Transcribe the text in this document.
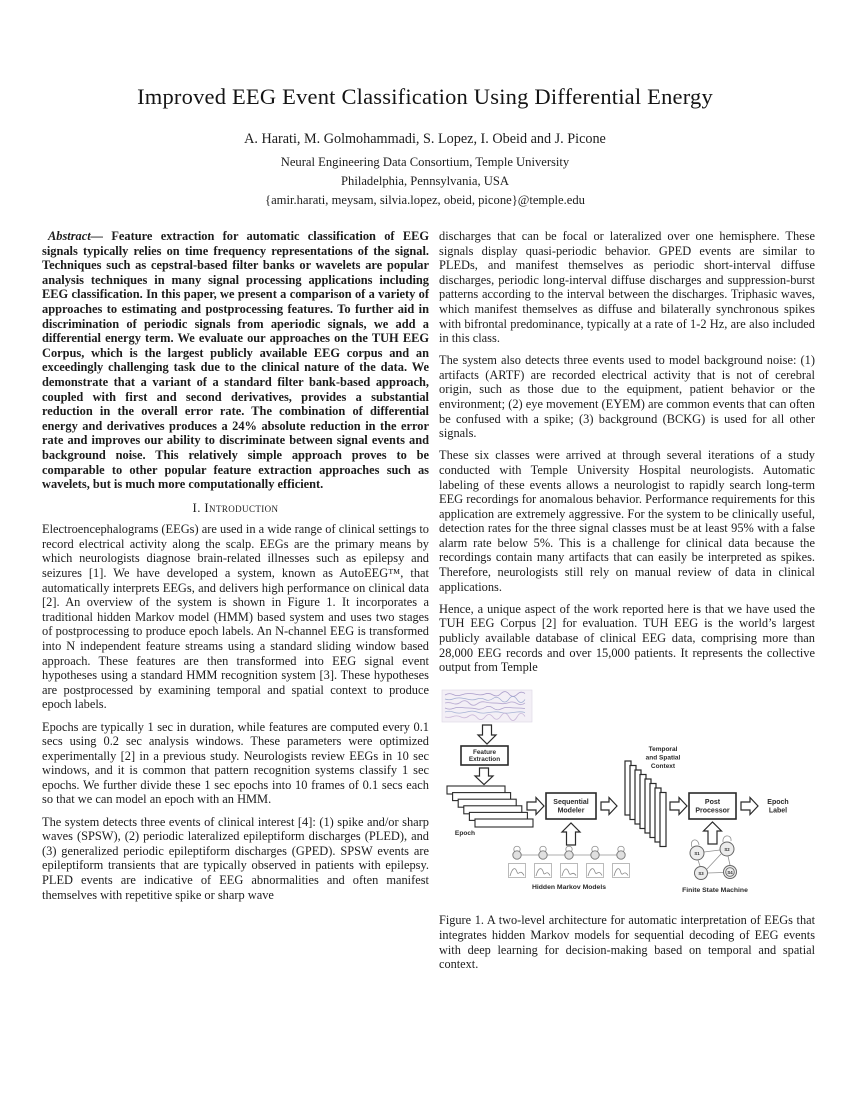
Improved EEG Event Classification Using Differential Energy
A. Harati, M. Golmohammadi, S. Lopez, I. Obeid and J. Picone
Neural Engineering Data Consortium, Temple University
Philadelphia, Pennsylvania, USA
{amir.harati, meysam, silvia.lopez, obeid, picone}@temple.edu

Abstract— Feature extraction for automatic classification of EEG signals typically relies on time frequency representations of the signal. Techniques such as cepstral-based filter banks or wavelets are popular analysis techniques in many signal processing applications including EEG classification. In this paper, we present a comparison of a variety of approaches to estimating and postprocessing features. To further aid in discrimination of periodic signals from aperiodic signals, we add a differential energy term. We evaluate our approaches on the TUH EEG Corpus, which is the largest publicly available EEG corpus and an exceedingly challenging task due to the clinical nature of the data. We demonstrate that a variant of a standard filter bank-based approach, coupled with first and second derivatives, provides a substantial reduction in the overall error rate. The combination of differential energy and derivatives produces a 24% absolute reduction in the error rate and improves our ability to discriminate between signal events and background noise. This relatively simple approach proves to be comparable to other popular feature extraction approaches such as wavelets, but is much more computationally efficient.

I. Introduction

Electroencephalograms (EEGs) are used in a wide range of clinical settings to record electrical activity along the scalp. EEGs are the primary means by which neurologists diagnose brain-related illnesses such as epilepsy and seizures [1]. We have developed a system, known as AutoEEG™, that automatically interprets EEGs, and delivers high performance on clinical data [2]. An overview of the system is shown in Figure 1. It incorporates a traditional hidden Markov model (HMM) based system and uses two stages of postprocessing to produce epoch labels. An N-channel EEG is transformed into N independent feature streams using a standard sliding window based approach. These features are then transformed into EEG signal event hypotheses using a standard HMM recognition system [3]. These hypotheses are postprocessed by examining temporal and spatial context to produce epoch labels.

Epochs are typically 1 sec in duration, while features are computed every 0.1 secs using 0.2 sec analysis windows. These parameters were optimized experimentally [2] in a previous study. Neurologists review EEGs in 10 sec windows, and it is common that pattern recognition systems classify 1 sec epochs. We further divide these 1 sec epochs into 10 frames of 0.1 secs each so that we can model an epoch with an HMM.

The system detects three events of clinical interest [4]: (1) spike and/or sharp waves (SPSW), (2) periodic lateralized epileptiform discharges (PLED), and (3) generalized periodic epileptiform discharges (GPED). SPSW events are epileptiform transients that are typically observed in patients with epilepsy. PLED events are indicative of EEG abnormalities and often manifest themselves with repetitive spike or sharp wave

discharges that can be focal or lateralized over one hemisphere. These signals display quasi-periodic behavior. GPED events are similar to PLEDs, and manifest themselves as periodic short-interval diffuse discharges, periodic long-interval diffuse discharges and suppression-burst patterns according to the interval between the discharges. Triphasic waves, which manifest themselves as diffuse and bilaterally synchronous spikes with bifrontal predominance, typically at a rate of 1-2 Hz, are also included in this class.

The system also detects three events used to model background noise: (1) artifacts (ARTF) are recorded electrical activity that is not of cerebral origin, such as those due to the equipment, patient behavior or the environment; (2) eye movement (EYEM) are common events that can often be confused with a spike; (3) background (BCKG) is used for all other signals.

These six classes were arrived at through several iterations of a study conducted with Temple University Hospital neurologists. Automatic labeling of these events allows a neurologist to rapidly search long-term EEG recordings for anomalous behavior. Performance requirements for this application are extremely aggressive. For the system to be clinically useful, detection rates for the three signal classes must be at least 95% with a false alarm rate below 5%. This is a challenge for clinical data because the recordings contain many artifacts that can easily be interpreted as spikes. Therefore, neurologists still rely on manual review of data in clinical applications.

Hence, a unique aspect of the work reported here is that we have used the TUH EEG Corpus [2] for evaluation. TUH EEG is the world’s largest publicly available database of clinical EEG data, comprising more than 28,000 EEG records and over 15,000 patients. It represents the collective output from Temple

Feature
Extraction
Epoch
Sequential
Modeler
Temporal
and Spatial
Context
Post
Processor
Epoch
Label
Hidden Markov Models
S1
S2
S3	S4
Finite State Machine
Figure 1. A two-level architecture for automatic interpretation of EEGs that integrates hidden Markov models for sequential decoding of EEG events with deep learning for decision-making based on temporal and spatial context.
